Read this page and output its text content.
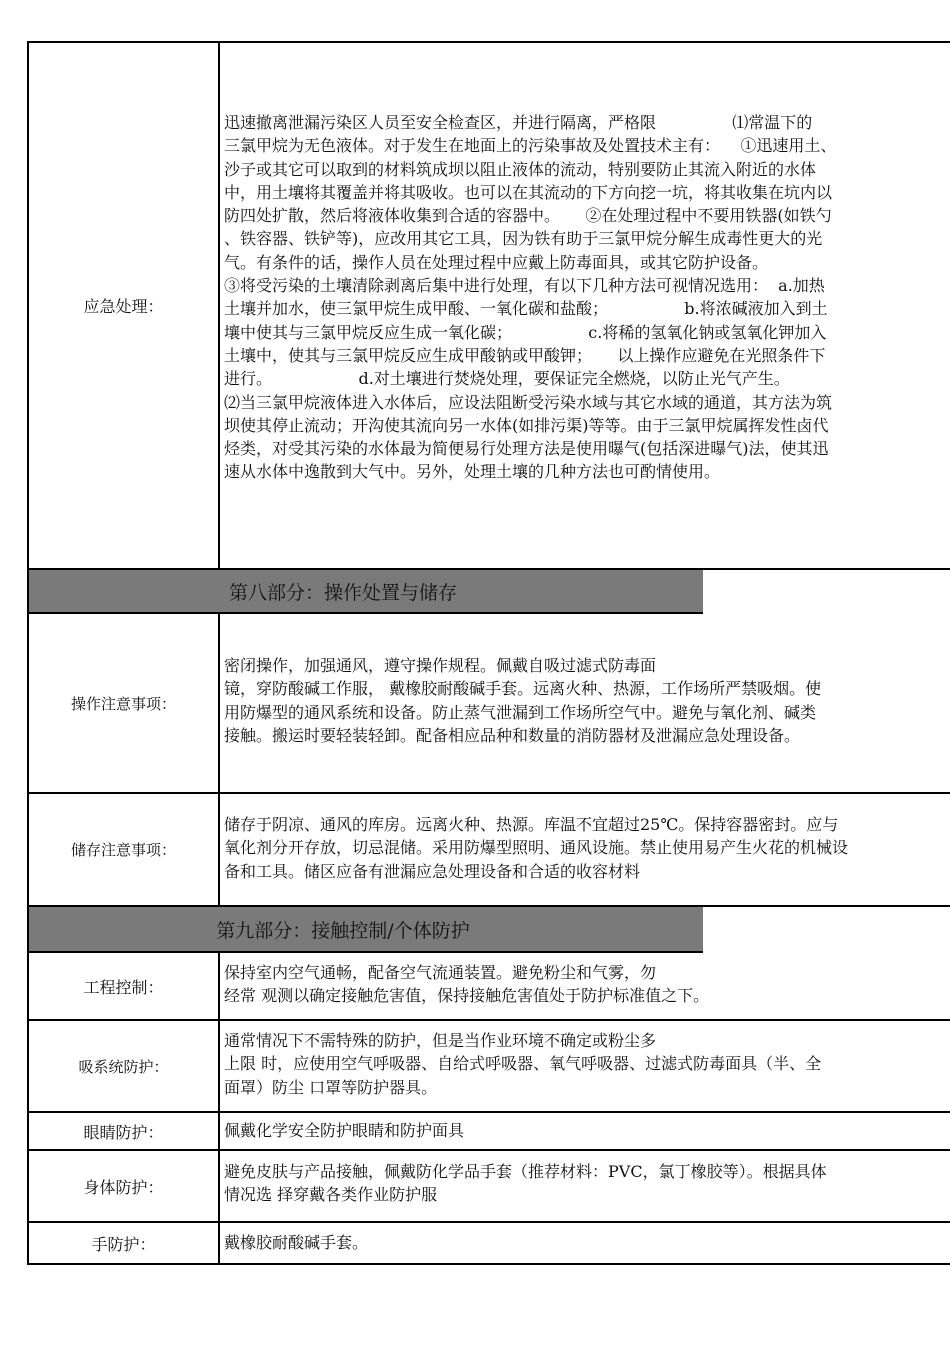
应急处理：
迅速撤离泄漏污染区人员至安全检查区，并进行隔离，严格限               ⑴常温下的
三氯甲烷为无色液体。对于发生在地面上的污染事故及处置技术主有：    ①迅速用土、
沙子或其它可以取到的材料筑成坝以阻止液体的流动，特别要防止其流入附近的水体
中，用土壤将其覆盖并将其吸收。也可以在其流动的下方向挖一坑，将其收集在坑内以
防四处扩散，然后将液体收集到合适的容器中。     ②在处理过程中不要用铁器(如铁勺
、铁容器、铁铲等)，应改用其它工具，因为铁有助于三氯甲烷分解生成毒性更大的光
气。有条件的话，操作人员在处理过程中应戴上防毒面具，或其它防护设备。
③将受污染的土壤清除剥离后集中进行处理，有以下几种方法可视情况选用：  a.加热
土壤并加水，使三氯甲烷生成甲酸、一氧化碳和盐酸；               b.将浓碱液加入到土
壤中使其与三氯甲烷反应生成一氧化碳；               c.将稀的氢氧化钠或氢氧化钾加入
土壤中，使其与三氯甲烷反应生成甲酸钠或甲酸钾；     以上操作应避免在光照条件下
进行。                 d.对土壤进行焚烧处理，要保证完全燃烧，以防止光气产生。
⑵当三氯甲烷液体进入水体后，应设法阻断受污染水域与其它水域的通道，其方法为筑
坝使其停止流动；开沟使其流向另一水体(如排污渠)等等。由于三氯甲烷属挥发性卤代
烃类，对受其污染的水体最为简便易行处理方法是使用曝气(包括深进曝气)法，使其迅
速从水体中逸散到大气中。另外，处理土壤的几种方法也可酌情使用。
第八部分：操作处置与储存
操作注意事项：
密闭操作，加强通风，遵守操作规程。佩戴自吸过滤式防毒面
镜，穿防酸碱工作服， 戴橡胶耐酸碱手套。远离火种、热源，工作场所严禁吸烟。使
用防爆型的通风系统和设备。防止蒸气泄漏到工作场所空气中。避免与氧化剂、碱类
接触。搬运时要轻装轻卸。配备相应品种和数量的消防器材及泄漏应急处理设备。
储存注意事项：
储存于阴凉、通风的库房。远离火种、热源。库温不宜超过25℃。保持容器密封。应与
氧化剂分开存放，切忌混储。采用防爆型照明、通风设施。禁止使用易产生火花的机械设
备和工具。储区应备有泄漏应急处理设备和合适的收容材料
第九部分：接触控制/个体防护
工程控制：
保持室内空气通畅，配备空气流通装置。避免粉尘和气雾，勿
经常 观测以确定接触危害值，保持接触危害值处于防护标准值之下。
吸系统防护：
通常情况下不需特殊的防护，但是当作业环境不确定或粉尘多
上限 时，应使用空气呼吸器、自给式呼吸器、氧气呼吸器、过滤式防毒面具（半、全
面罩）防尘 口罩等防护器具。
眼睛防护：	佩戴化学安全防护眼睛和防护面具
身体防护：
避免皮肤与产品接触，佩戴防化学品手套（推荐材料：PVC，氯丁橡胶等）。根据具体
情况选 择穿戴各类作业防护服
手防护：	戴橡胶耐酸碱手套。
